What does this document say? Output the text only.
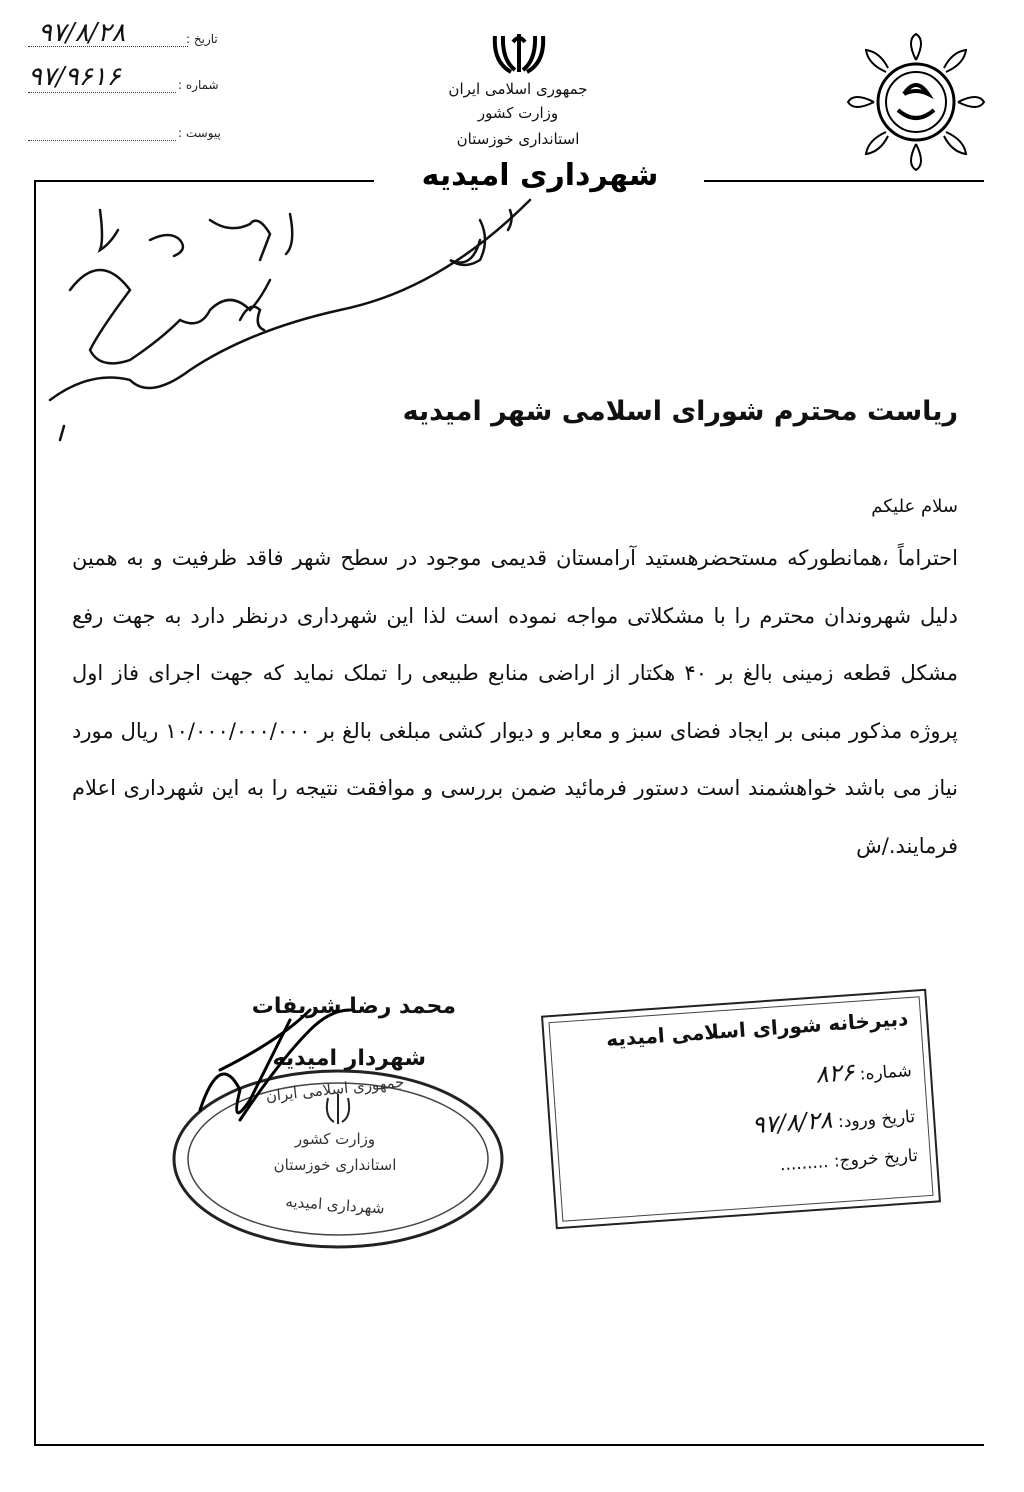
۹۷/۸/۲۸	تاریخ :
۹۷/۹۶۱۶	شماره :
پیوست :
جمهوری اسلامی ایران
وزارت کشور
استانداری خوزستان
شهرداری امیدیه
ریاست محترم شورای اسلامی شهر امیدیه
سلام علیکم
احتراماً ،همانطورکه مستحضرهستید آرامستان قدیمی موجود در سطح شهر فاقد ظرفیت و به همین دلیل شهروندان محترم را با مشکلاتی مواجه نموده است لذا این شهرداری درنظر دارد به جهت رفع مشکل قطعه زمینی بالغ بر ۴۰ هکتار از اراضی منابع طبیعی را تملک نماید که جهت اجرای فاز اول پروژه مذکور مبنی بر ایجاد فضای سبز و معابر و دیوار کشی مبلغی بالغ بر ۱۰/۰۰۰/۰۰۰/۰۰۰ ریال مورد نیاز می باشد خواهشمند است دستور فرمائید ضمن بررسی و موافقت نتیجه را به این شهرداری اعلام فرمایند./ش
محمد رضا شریفات
شهردار امیدیه
جمهوری اسلامی ایران
وزارت کشور
استانداری خوزستان
شهرداری امیدیه
دبیرخانه شورای اسلامی امیدیه
شماره: ۸۲۶
تاریخ ورود: ۹۷/۸/۲۸
تاریخ خروج: .........
